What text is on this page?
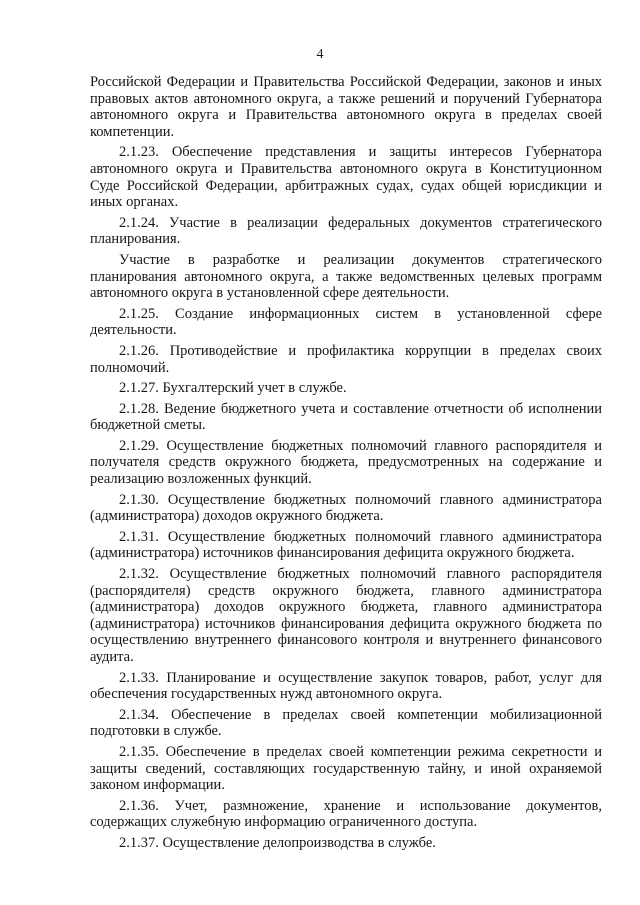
4

Российской Федерации и Правительства Российской Федерации, законов и иных правовых актов автономного округа, а также решений и поручений Губернатора автономного округа и Правительства автономного округа в пределах своей компетенции.

2.1.23. Обеспечение представления и защиты интересов Губернатора автономного округа и Правительства автономного округа в Конституционном Суде Российской Федерации, арбитражных судах, судах общей юрисдикции и иных органах.

2.1.24. Участие в реализации федеральных документов стратегического планирования.

Участие в разработке и реализации документов стратегического планирования автономного округа, а также ведомственных целевых программ автономного округа в установленной сфере деятельности.

2.1.25. Создание информационных систем в установленной сфере деятельности.

2.1.26. Противодействие и профилактика коррупции в пределах своих полномочий.

2.1.27. Бухгалтерский учет в службе.

2.1.28. Ведение бюджетного учета и составление отчетности об исполнении бюджетной сметы.

2.1.29. Осуществление бюджетных полномочий главного распорядителя и получателя средств окружного бюджета, предусмотренных на содержание и реализацию возложенных функций.

2.1.30. Осуществление бюджетных полномочий главного администратора (администратора) доходов окружного бюджета.

2.1.31. Осуществление бюджетных полномочий главного администратора (администратора) источников финансирования дефицита окружного бюджета.

2.1.32. Осуществление бюджетных полномочий главного распорядителя (распорядителя) средств окружного бюджета, главного администратора (администратора) доходов окружного бюджета, главного администратора (администратора) источников финансирования дефицита окружного бюджета по осуществлению внутреннего финансового контроля и внутреннего финансового аудита.

2.1.33. Планирование и осуществление закупок товаров, работ, услуг для обеспечения государственных нужд автономного округа.

2.1.34. Обеспечение в пределах своей компетенции мобилизационной подготовки в службе.

2.1.35. Обеспечение в пределах своей компетенции режима секретности и защиты сведений, составляющих государственную тайну, и иной охраняемой законом информации.

2.1.36. Учет, размножение, хранение и использование документов, содержащих служебную информацию ограниченного доступа.

2.1.37. Осуществление делопроизводства в службе.
